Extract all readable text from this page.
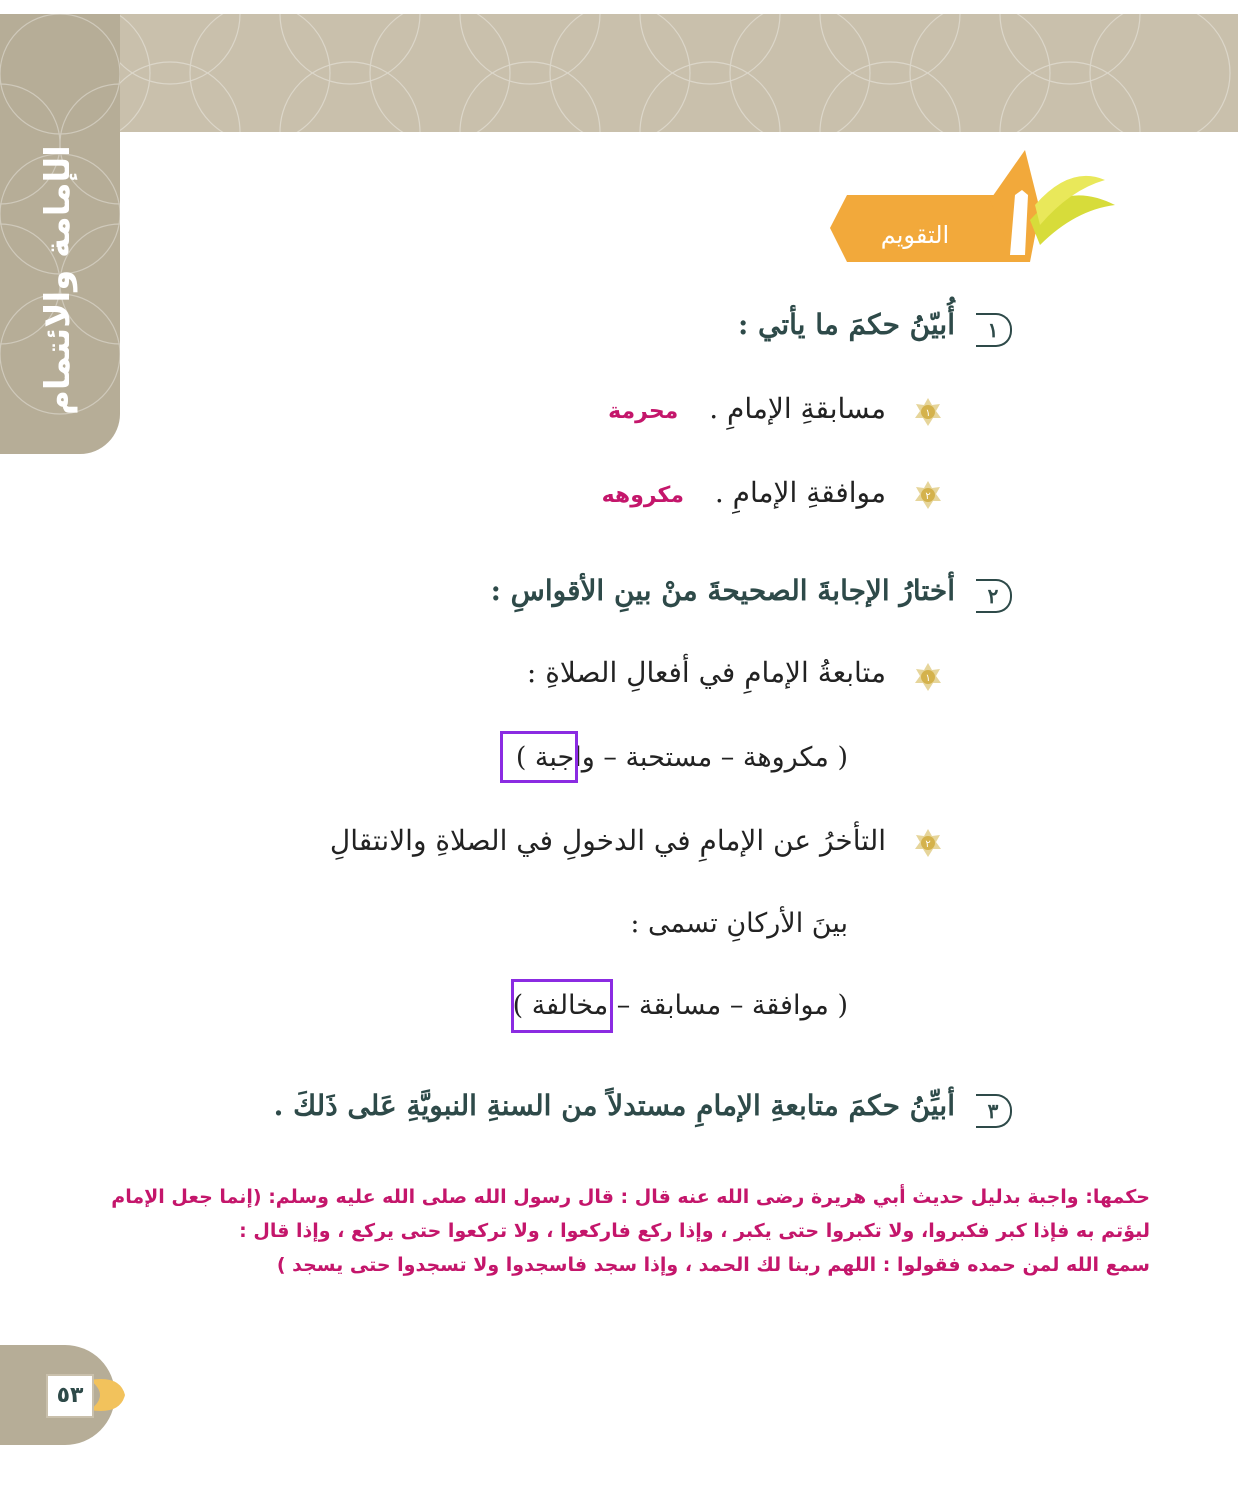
الإمامة والائتمام	التقويم
١
أُبيّنُ حكمَ ما يأتي :
١
مسابقةِ الإمامِ . محرمة
٢
موافقةِ الإمامِ . مكروهه
٢
أختارُ الإجابةَ الصحيحةَ منْ بينِ الأقواسِ :
١
متابعةُ الإمامِ في أفعالِ الصلاةِ :
( مكروهة – مستحبة – واجبة )
٢
التأخرُ عن الإمامِ في الدخولِ في الصلاةِ والانتقالِ
بينَ الأركانِ تسمى :
( موافقة – مسابقة – مخالفة )
٣
أبيِّنُ حكمَ متابعةِ الإمامِ مستدلاً من السنةِ النبويَّةِ عَلى ذَلكَ .
حكمها: واجبة بدليل حديث أبي هريرة رضى الله عنه قال : قال رسول الله صلى الله عليه وسلم: (إنما جعل الإمام
ليؤتم به فإذا كبر فكبروا، ولا تكبروا حتى يكبر ، وإذا ركع فاركعوا ، ولا تركعوا حتى يركع ، وإذا قال :
سمع الله لمن حمده فقولوا : اللهم ربنا لك الحمد ، وإذا سجد فاسجدوا ولا تسجدوا حتى يسجد )
٥٣
